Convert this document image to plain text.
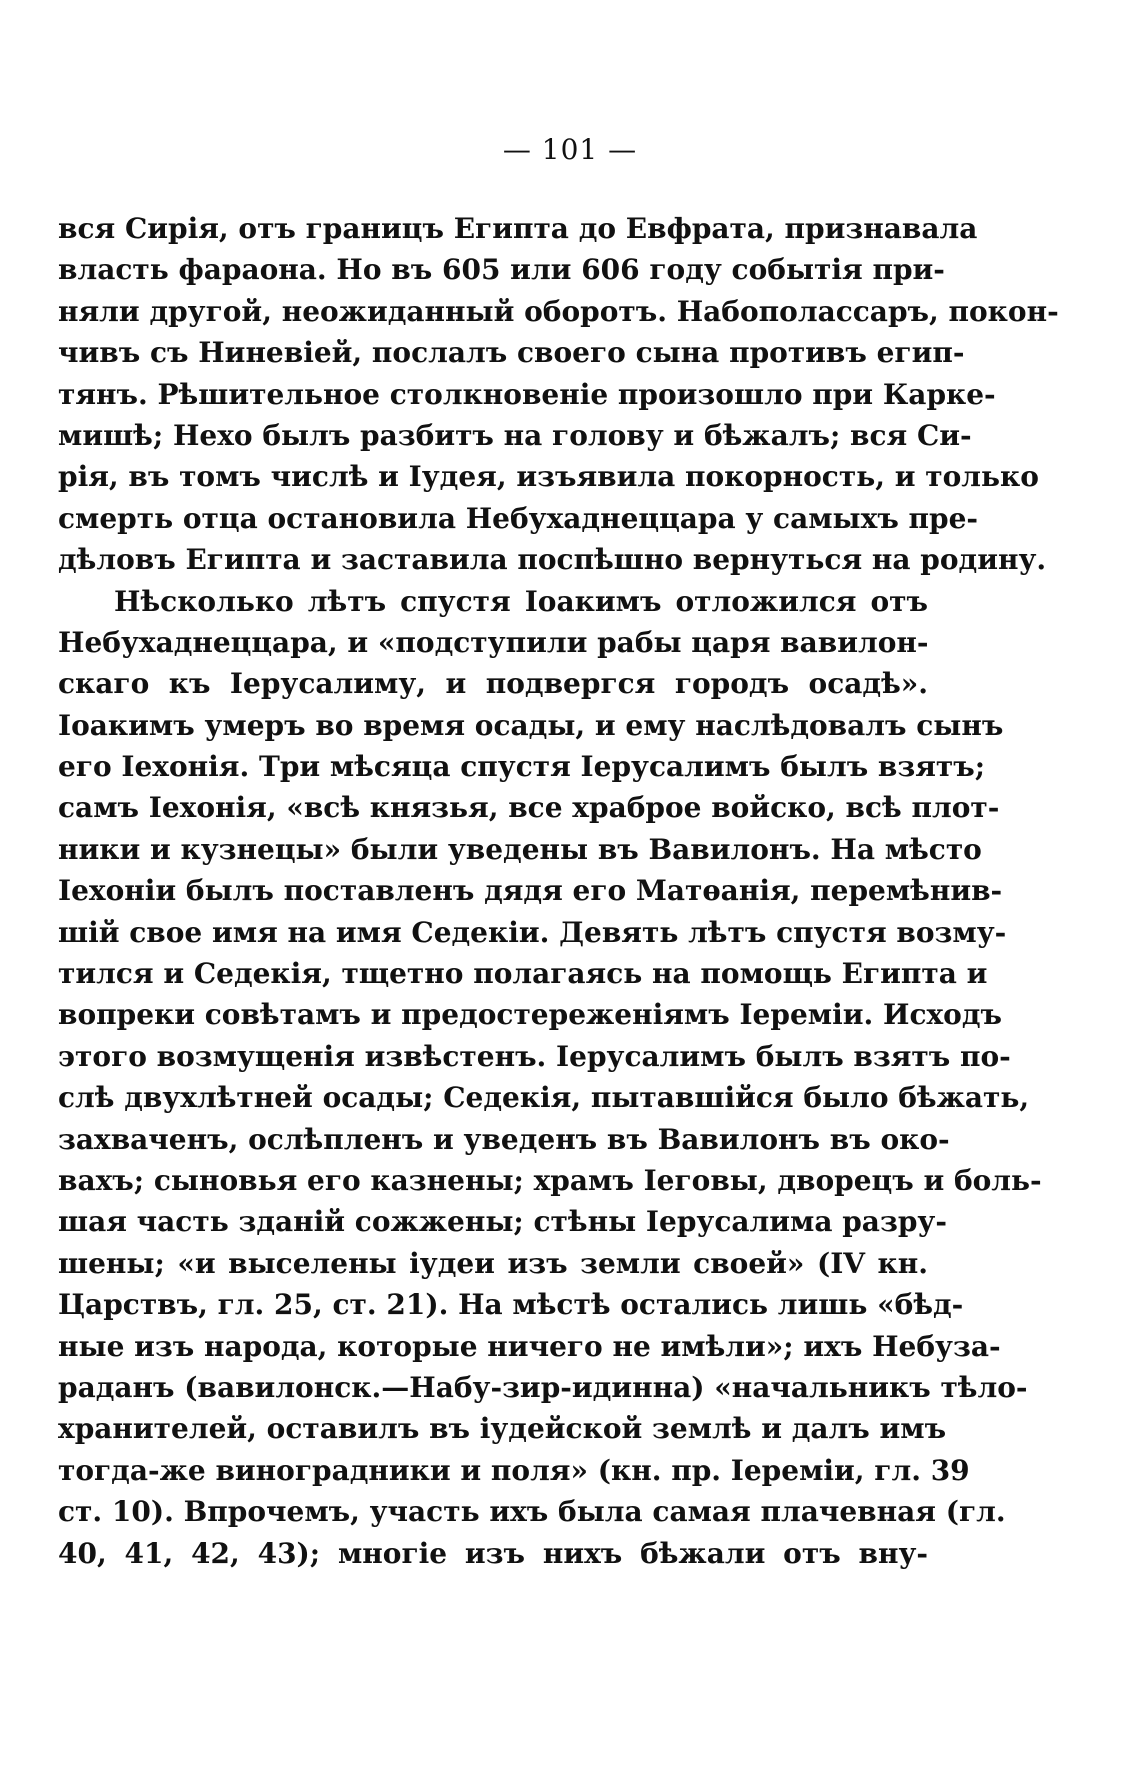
— 101 —
вся Сирія, отъ границъ Египта до Евфрата, признавала
власть фараона. Но въ 605 или 606 году событія при-
няли другой, неожиданный оборотъ. Набополассаръ, покон-
чивъ съ Ниневіей, послалъ своего сына противъ егип-
тянъ. Рѣшительное столкновеніе произошло при Карке-
мишѣ; Нехо былъ разбитъ на голову и бѣжалъ; вся Си-
рія, въ томъ числѣ и Іудея, изъявила покорность, и только
смерть отца остановила Небухаднеццара у самыхъ пре-
дѣловъ Египта и заставила поспѣшно вернуться на родину.
Нѣсколько лѣтъ спустя Іоакимъ отложился отъ
Небухаднеццара, и «подступили рабы царя вавилон-
скаго къ Іерусалиму, и подвергся городъ осадѣ».
Іоакимъ умеръ во время осады, и ему наслѣдовалъ сынъ
его Іехонія. Три мѣсяца спустя Іерусалимъ былъ взятъ;
самъ Іехонія, «всѣ князья, все храброе войско, всѣ плот-
ники и кузнецы» были уведены въ Вавилонъ. На мѣсто
Іехоніи былъ поставленъ дядя его Матѳанія, перемѣнив-
шій свое имя на имя Седекіи. Девять лѣтъ спустя возму-
тился и Седекія, тщетно полагаясь на помощь Египта и
вопреки совѣтамъ и предостереженіямъ Іереміи. Исходъ
этого возмущенія извѣстенъ. Іерусалимъ былъ взятъ по-
слѣ двухлѣтней осады; Седекія, пытавшійся было бѣжать,
захваченъ, ослѣпленъ и уведенъ въ Вавилонъ въ око-
вахъ; сыновья его казнены; храмъ Іеговы, дворецъ и боль-
шая часть зданій сожжены; стѣны Іерусалима разру-
шены; «и выселены іудеи изъ земли своей» (IV кн.
Царствъ, гл. 25, ст. 21). На мѣстѣ остались лишь «бѣд-
ные изъ народа, которые ничего не имѣли»; ихъ Небуза-
раданъ (вавилонск.—Набу-зир-идинна) «начальникъ тѣло-
хранителей, оставилъ въ іудейской землѣ и далъ имъ
тогда-же виноградники и поля» (кн. пр. Іереміи, гл. 39
ст. 10). Впрочемъ, участь ихъ была самая плачевная (гл.
40, 41, 42, 43); многіе изъ нихъ бѣжали отъ вну-
